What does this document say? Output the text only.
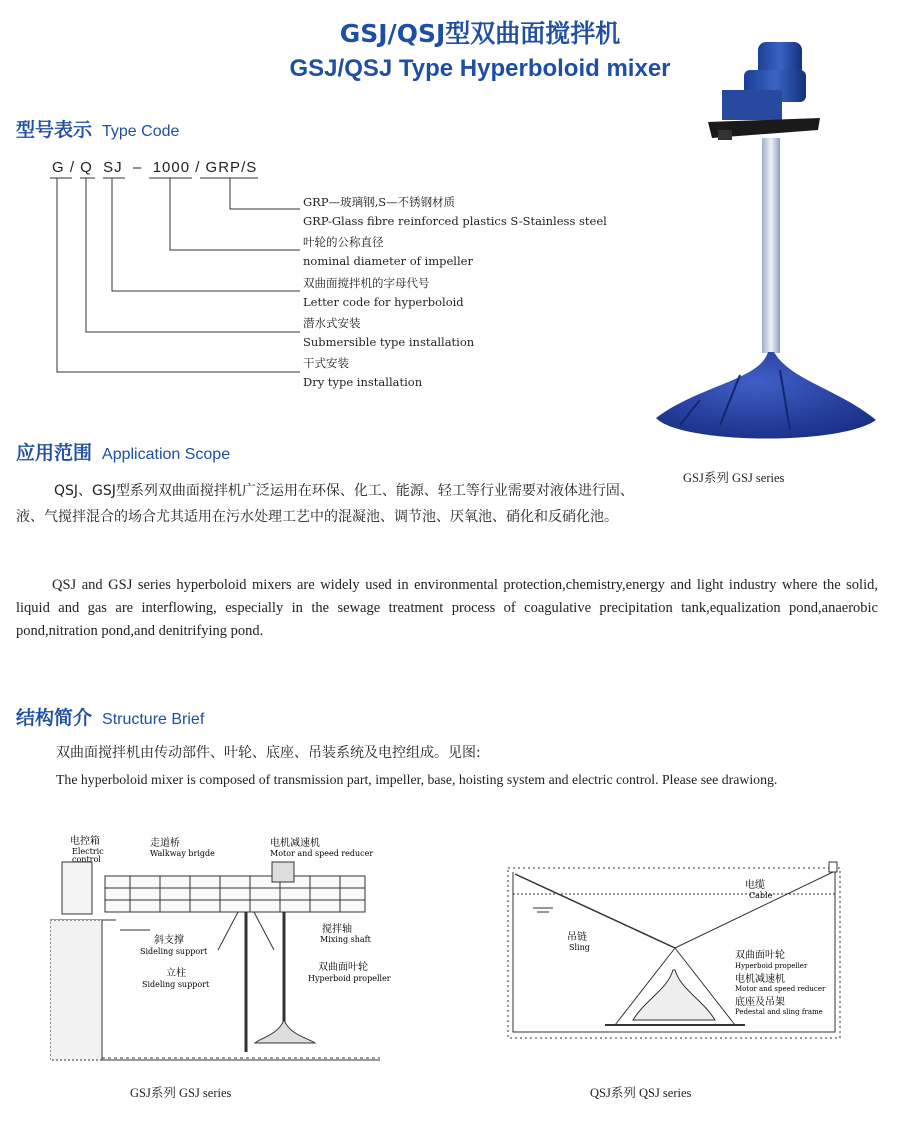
GSJ/QSJ型双曲面搅拌机
GSJ/QSJ Type Hyperboloid mixer
型号表示 Type Code
G / Q  SJ  –  1000 / GRP/S
GRP—玻璃钢,S—不锈钢材质
GRP-Glass fibre reinforced plastics S-Stainless steel
叶轮的公称直径
nominal diameter of impeller
双曲面搅拌机的字母代号
Letter code for hyperboloid
潜水式安装
Submersible type installation
干式安装
Dry type installation
GSJ系列 GSJ series
应用范围 Application Scope
QSJ、GSJ型系列双曲面搅拌机广泛运用在环保、化工、能源、轻工等行业需要对液体进行固、液、气搅拌混合的场合尤其适用在污水处理工艺中的混凝池、调节池、厌氧池、硝化和反硝化池。
QSJ and GSJ series hyperboloid mixers are widely used in environmental protection,chemistry,energy and light industry where the solid, liquid and gas are interflowing, especially in the sewage treatment process of coagulative precipitation tank,equalization pond,anaerobic pond,nitration pond,and denitrifying pond.
结构简介 Structure Brief
双曲面搅拌机由传动部件、叶轮、底座、吊装系统及电控组成。见图:
The hyperboloid mixer is composed of transmission part, impeller, base, hoisting system and electric control. Please see drawiong.
电控箱
Electric
control
走道桥
Walkway brigde
电机减速机
Motor and speed reducer
搅拌轴
Mixing shaft
双曲面叶轮
Hyperboid propeller
斜支撑
Sideling support
立柱
Sideling support
GSJ系列 GSJ series
电缆
Cable
吊链
Sling
双曲面叶轮
Hyperboid propeller
电机减速机
Motor and speed reducer
底座及吊架
Pedestal and sling frame
QSJ系列 QSJ series
